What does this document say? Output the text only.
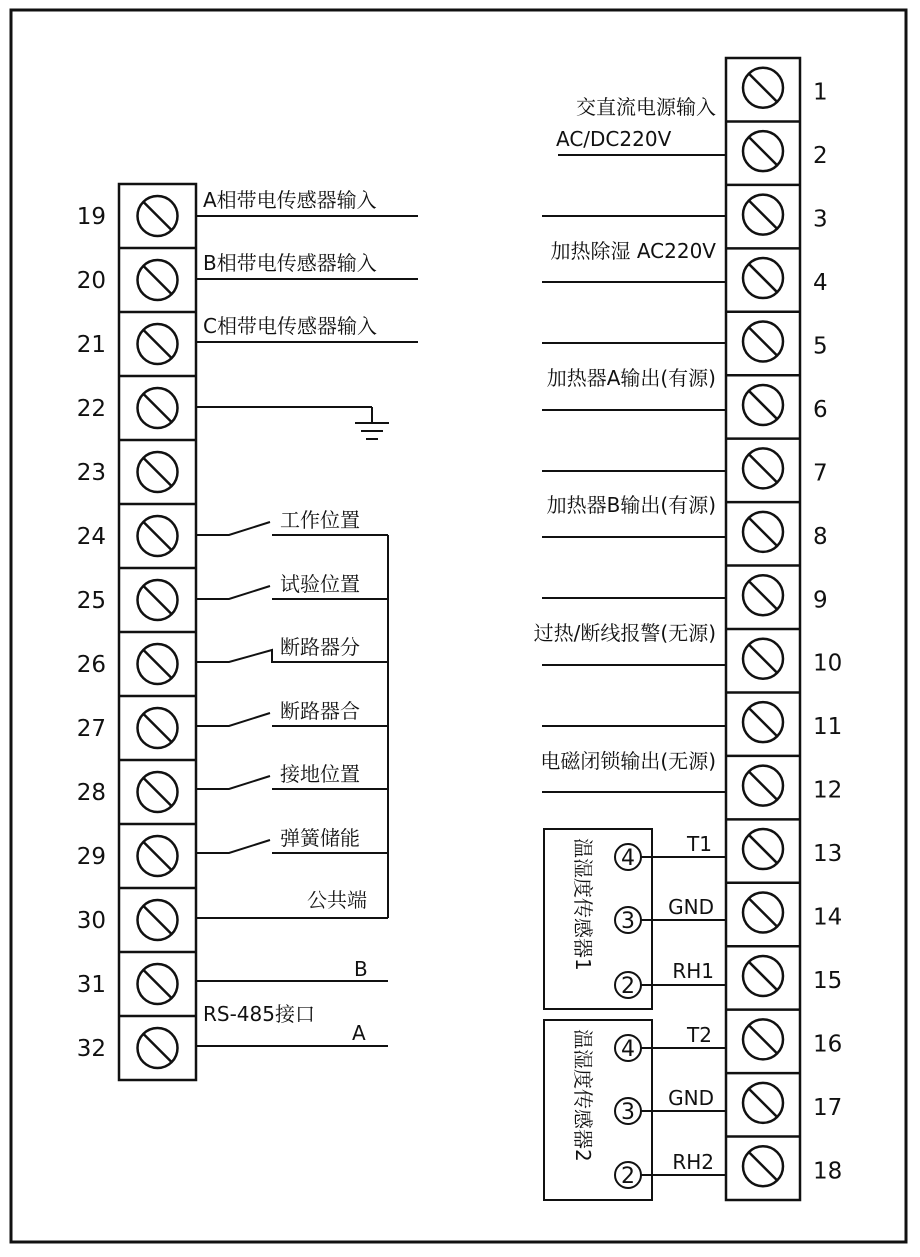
19
20
21
22
23
24
25
26
27
28
29
30
31
32
A相带电传感器输入
B相带电传感器输入
C相带电传感器输入
工作位置
试验位置
断路器分
断路器合
接地位置
弹簧储能
公共端
B
RS-485接口
A
1
2
3
4
5
6
7
8
9
10
11
12
13
14
15
16
17
18
交直流电源输入
AC/DC220V
加热除湿 AC220V
加热器A输出(有源)
加热器B输出(有源)
过热/断线报警(无源)
电磁闭锁输出(无源)
温湿度传感器1 4
3
2
T1
GND
RH1
温湿度传感器2 4
3
2
T2
GND
RH2
